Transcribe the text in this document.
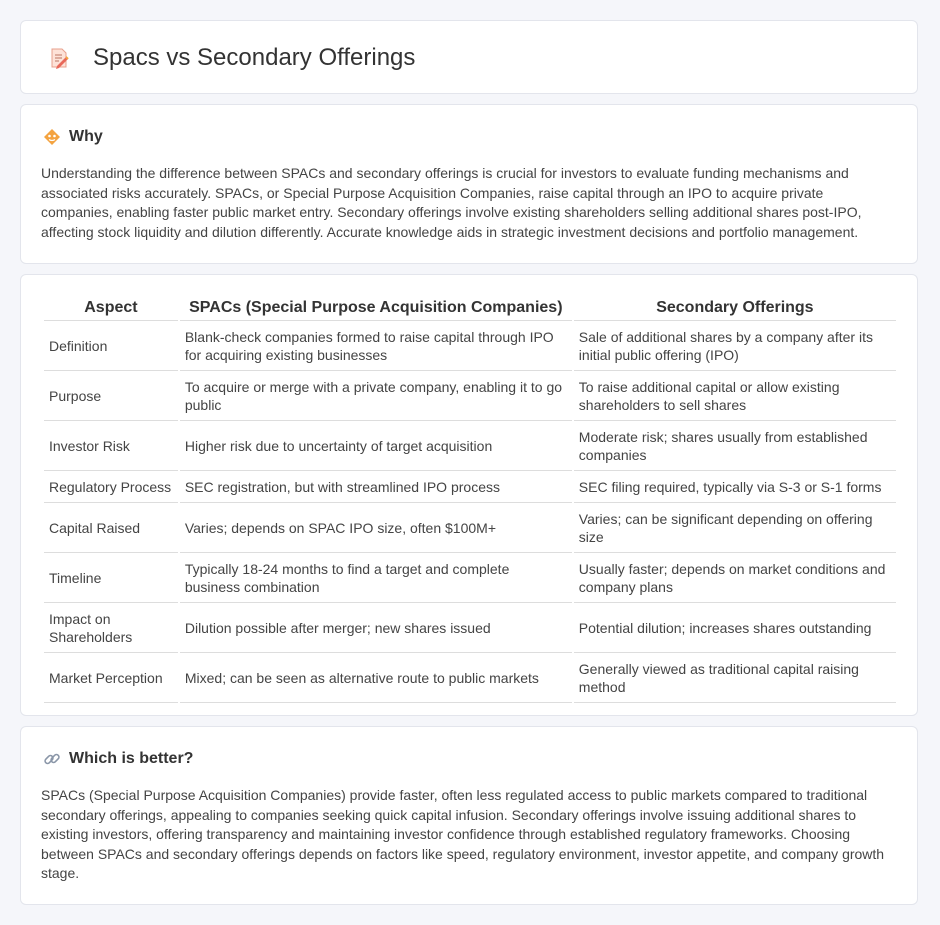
Spacs vs Secondary Offerings
Why

Understanding the difference between SPACs and secondary offerings is crucial for investors to evaluate funding mechanisms and associated risks accurately. SPACs, or Special Purpose Acquisition Companies, raise capital through an IPO to acquire private companies, enabling faster public market entry. Secondary offerings involve existing shareholders selling additional shares post-IPO, affecting stock liquidity and dilution differently. Accurate knowledge aids in strategic investment decisions and portfolio management.

Aspect	SPACs (Special Purpose Acquisition Companies)	Secondary Offerings
Definition	Blank-check companies formed to raise capital through IPO for acquiring existing businesses	Sale of additional shares by a company after its initial public offering (IPO)
Purpose	To acquire or merge with a private company, enabling it to go public	To raise additional capital or allow existing shareholders to sell shares
Investor Risk	Higher risk due to uncertainty of target acquisition	Moderate risk; shares usually from established companies
Regulatory Process	SEC registration, but with streamlined IPO process	SEC filing required, typically via S-3 or S-1 forms
Capital Raised	Varies; depends on SPAC IPO size, often $100M+	Varies; can be significant depending on offering size
Timeline	Typically 18-24 months to find a target and complete business combination	Usually faster; depends on market conditions and company plans
Impact on Shareholders	Dilution possible after merger; new shares issued	Potential dilution; increases shares outstanding
Market Perception	Mixed; can be seen as alternative route to public markets	Generally viewed as traditional capital raising method
Which is better?

SPACs (Special Purpose Acquisition Companies) provide faster, often less regulated access to public markets compared to traditional secondary offerings, appealing to companies seeking quick capital infusion. Secondary offerings involve issuing additional shares to existing investors, offering transparency and maintaining investor confidence through established regulatory frameworks. Choosing between SPACs and secondary offerings depends on factors like speed, regulatory environment, investor appetite, and company growth stage.
